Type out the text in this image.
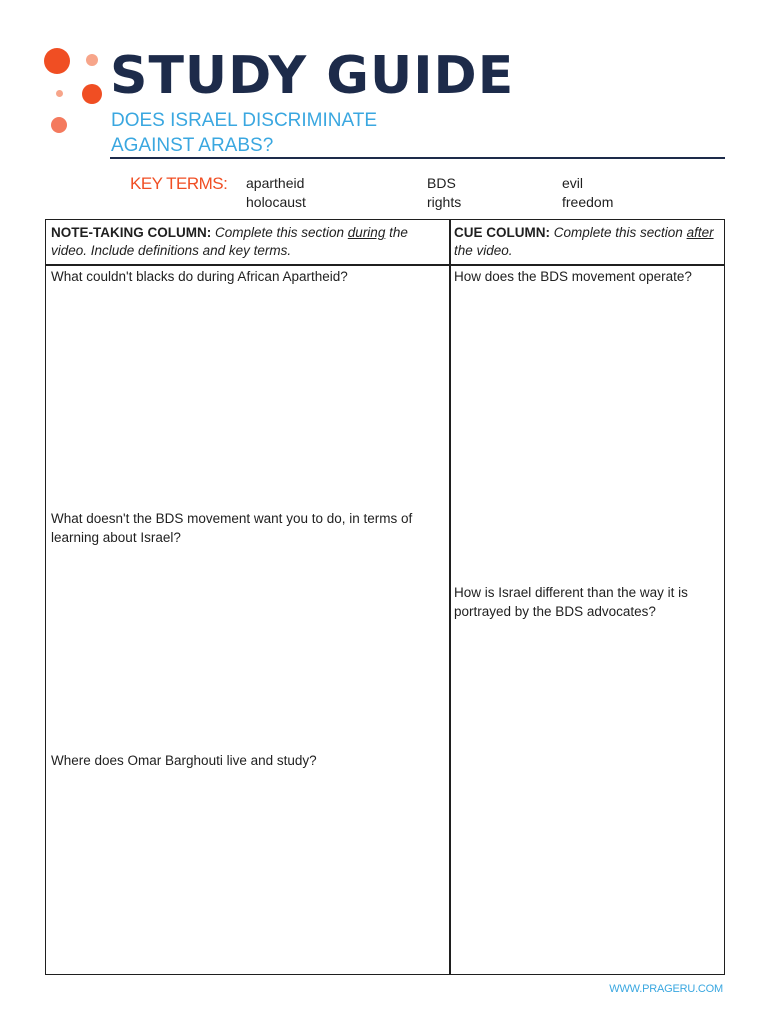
STUDY GUIDE
DOES ISRAEL DISCRIMINATE
AGAINST ARABS?
KEY TERMS: apartheid
holocaust
BDS
rights
evil
freedom
NOTE-TAKING COLUMN: Complete this section during the video. Include definitions and key terms.
CUE COLUMN: Complete this section after the video.
What couldn't blacks do during African Apartheid?
What doesn't the BDS movement want you to do, in terms of learning about Israel?
Where does Omar Barghouti live and study?
How does the BDS movement operate?
How is Israel different than the way it is portrayed by the BDS advocates?
WWW.PRAGERU.COM
